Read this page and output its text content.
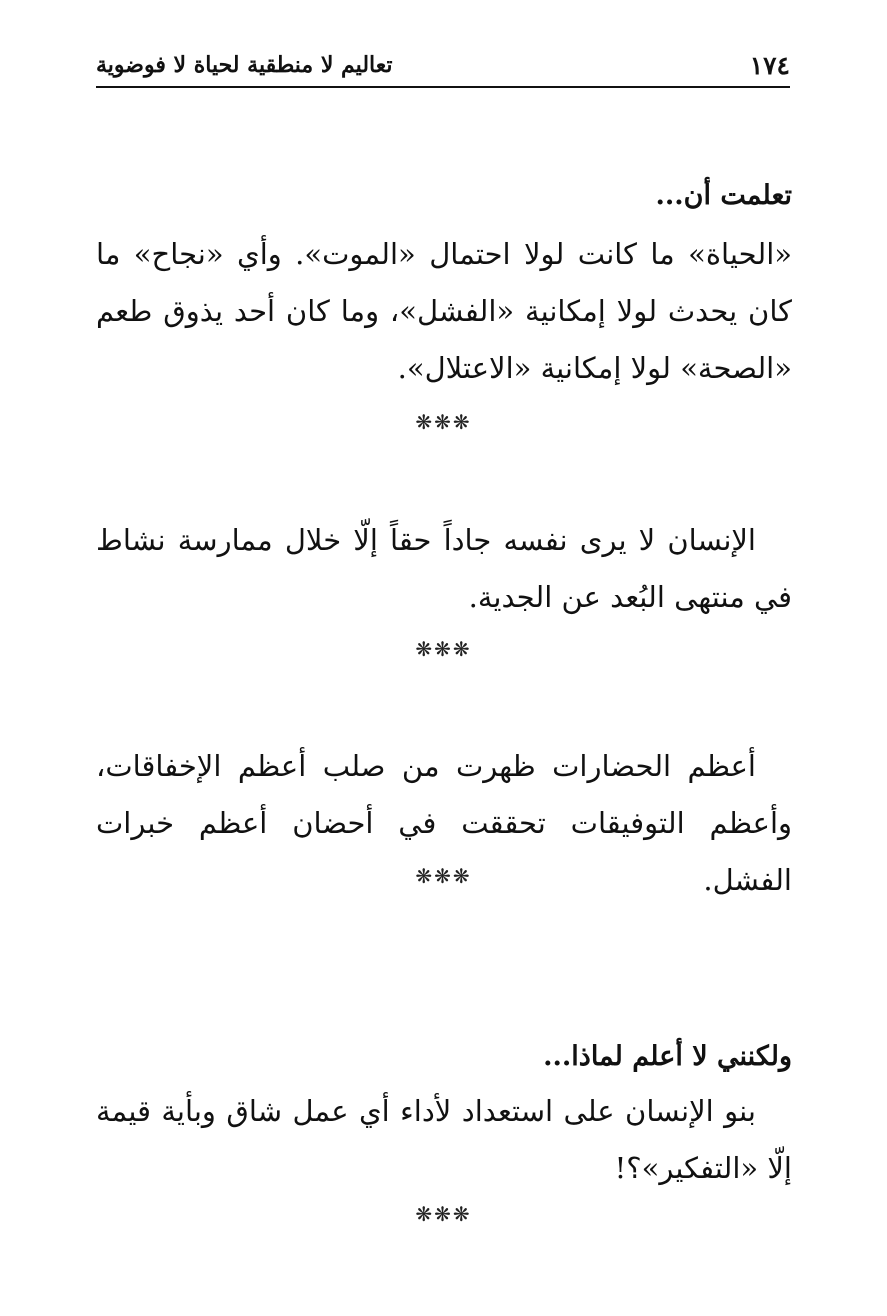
١٧٤
تعاليم لا منطقية لحياة لا فوضوية
تعلمت أن...

«الحياة» ما كانت لولا احتمال «الموت». وأي «نجاح» ما كان يحدث لولا إمكانية «الفشل»، وما كان أحد يذوق طعم «الصحة» لولا إمكانية «الاعتلال».

❋❋❋

الإنسان لا يرى نفسه جاداً حقاً إلّا خلال ممارسة نشاط في منتهى البُعد عن الجدية.

❋❋❋

أعظم الحضارات ظهرت من صلب أعظم الإخفاقات، وأعظم التوفيقات تحققت في أحضان أعظم خبرات الفشل.

❋❋❋
ولكنني لا أعلم لماذا...

بنو الإنسان على استعداد لأداء أي عمل شاق وبأية قيمة إلّا «التفكير»؟!

❋❋❋
